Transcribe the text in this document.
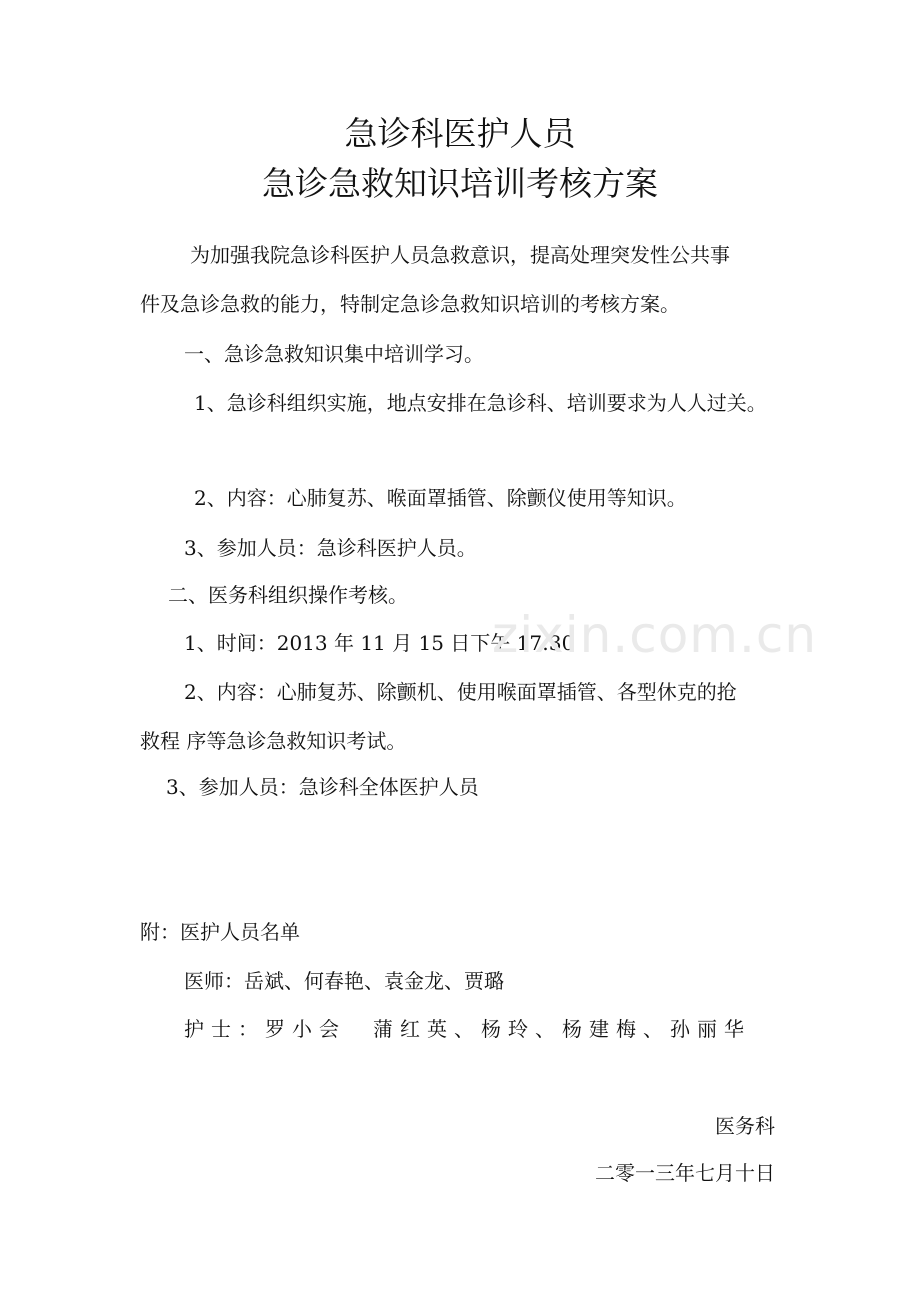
急诊科医护人员
急诊急救知识培训考核方案
为加强我院急诊科医护人员急救意识，提高处理突发性公共事
件及急诊急救的能力，特制定急诊急救知识培训的考核方案。
一、急诊急救知识集中培训学习。
1、急诊科组织实施，地点安排在急诊科、培训要求为人人过关。
2、内容：心肺复苏、喉面罩插管、除颤仪使用等知识。
3、参加人员：急诊科医护人员。
二、医务科组织操作考核。
1、时间：2013 年 11 月 15 日下午 17:30
2、内容：心肺复苏、除颤机、使用喉面罩插管、各型休克的抢
救程 序等急诊急救知识考试。
3、参加人员：急诊科全体医护人员
附：医护人员名单
医师：岳斌、何春艳、袁金龙、贾璐
护士：罗小会　蒲红英、杨玲、杨建梅、孙丽华
医务科
二零一三年七月十日
zixin.com.cn
